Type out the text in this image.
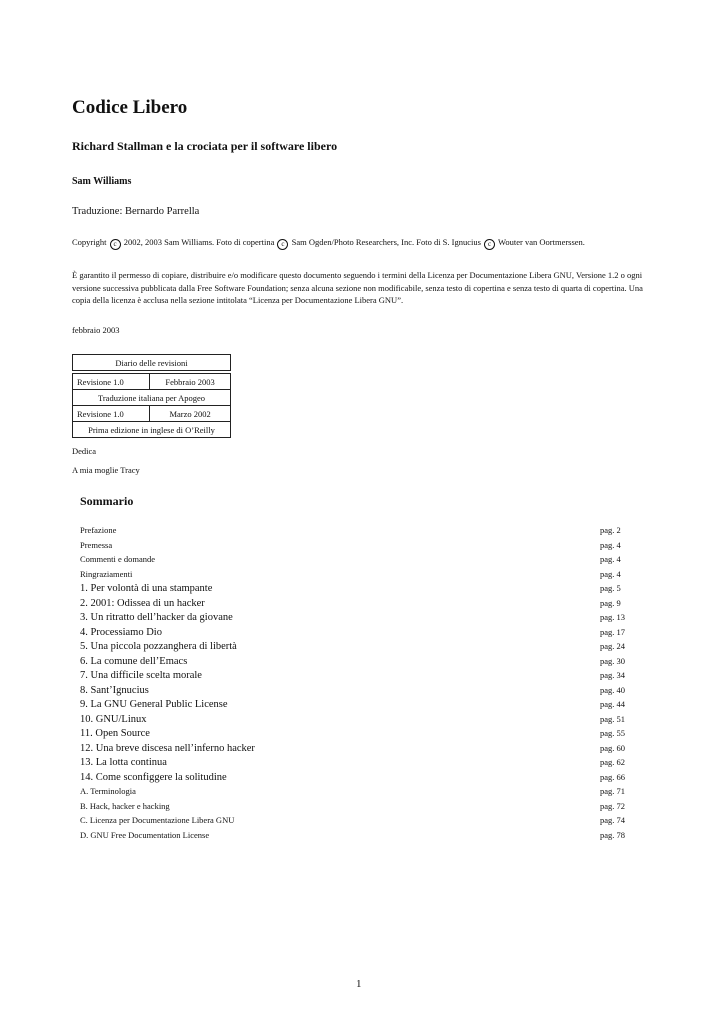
Codice Libero
Richard Stallman e la crociata per il software libero
Sam Williams
Traduzione: Bernardo Parrella
Copyright c 2002, 2003 Sam Williams. Foto di copertina c Sam Ogden/Photo Researchers, Inc. Foto di S. Ignucius c Wouter van Oortmerssen.
È garantito il permesso di copiare, distribuire e/o modificare questo documento seguendo i termini della Licenza per Documentazione Libera GNU, Versione 1.2 o ogni versione successiva pubblicata dalla Free Software Foundation; senza alcuna sezione non modificabile, senza testo di copertina e senza testo di quarta di copertina. Una copia della licenza è acclusa nella sezione intitolata “Licenza per Documentazione Libera GNU”.
febbraio 2003
Diario delle revisioni	

Revisione 1.0	Febbraio 2003
Traduzione italiana per Apogeo	
Revisione 1.0	Marzo 2002
Prima edizione in inglese di O’Reilly	
Dedica
A mia moglie Tracy
Sommario
Prefazione	pag. 2
Premessa	pag. 4
Commenti e domande	pag. 4
Ringraziamenti	pag. 4
1. Per volontà di una stampante	pag. 5
2. 2001: Odissea di un hacker	pag. 9
3. Un ritratto dell’hacker da giovane	pag. 13
4. Processiamo Dio	pag. 17
5. Una piccola pozzanghera di libertà	pag. 24
6. La comune dell’Emacs	pag. 30
7. Una difficile scelta morale	pag. 34
8. Sant’Ignucius	pag. 40
9. La GNU General Public License	pag. 44
10. GNU/Linux	pag. 51
11. Open Source	pag. 55
12. Una breve discesa nell’inferno hacker	pag. 60
13. La lotta continua	pag. 62
14. Come sconfiggere la solitudine	pag. 66
A. Terminologia	pag. 71
B. Hack, hacker e hacking	pag. 72
C. Licenza per Documentazione Libera GNU	pag. 74
D. GNU Free Documentation License	pag. 78
1
